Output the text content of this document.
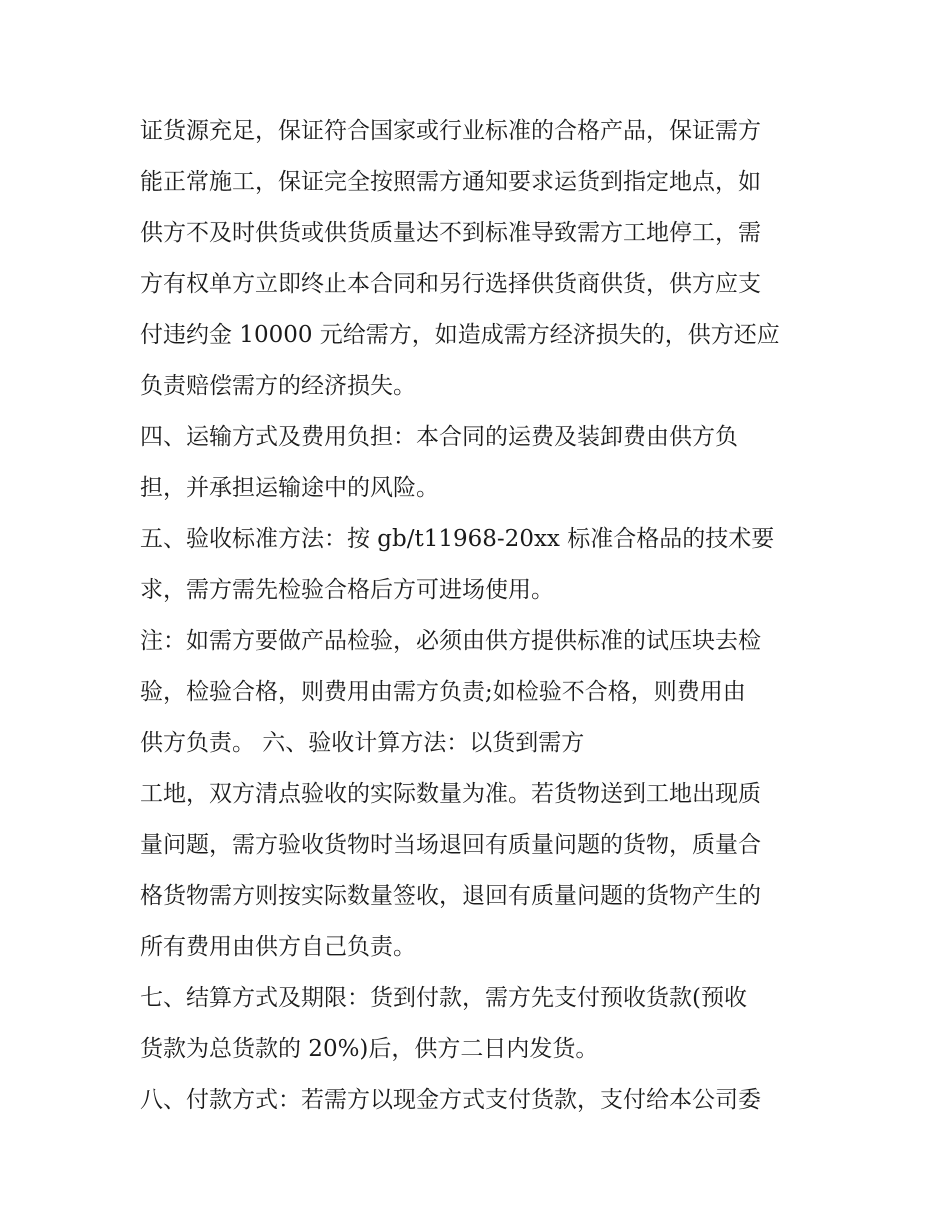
证货源充足，保证符合国家或行业标准的合格产品，保证需方
能正常施工，保证完全按照需方通知要求运货到指定地点，如
供方不及时供货或供货质量达不到标准导致需方工地停工，需
方有权单方立即终止本合同和另行选择供货商供货，供方应支
付违约金 10000 元给需方，如造成需方经济损失的，供方还应
负责赔偿需方的经济损失。
四、运输方式及费用负担：本合同的运费及装卸费由供方负
担，并承担运输途中的风险。
五、验收标准方法：按 gb/t11968-20xx 标准合格品的技术要
求，需方需先检验合格后方可进场使用。
注：如需方要做产品检验，必须由供方提供标准的试压块去检
验，检验合格，则费用由需方负责;如检验不合格，则费用由
供方负责。 六、验收计算方法：以货到需方
工地，双方清点验收的实际数量为准。若货物送到工地出现质
量问题，需方验收货物时当场退回有质量问题的货物，质量合
格货物需方则按实际数量签收，退回有质量问题的货物产生的
所有费用由供方自己负责。
七、结算方式及期限：货到付款，需方先支付预收货款(预收
货款为总货款的 20%)后，供方二日内发货。
八、付款方式：若需方以现金方式支付货款，支付给本公司委
